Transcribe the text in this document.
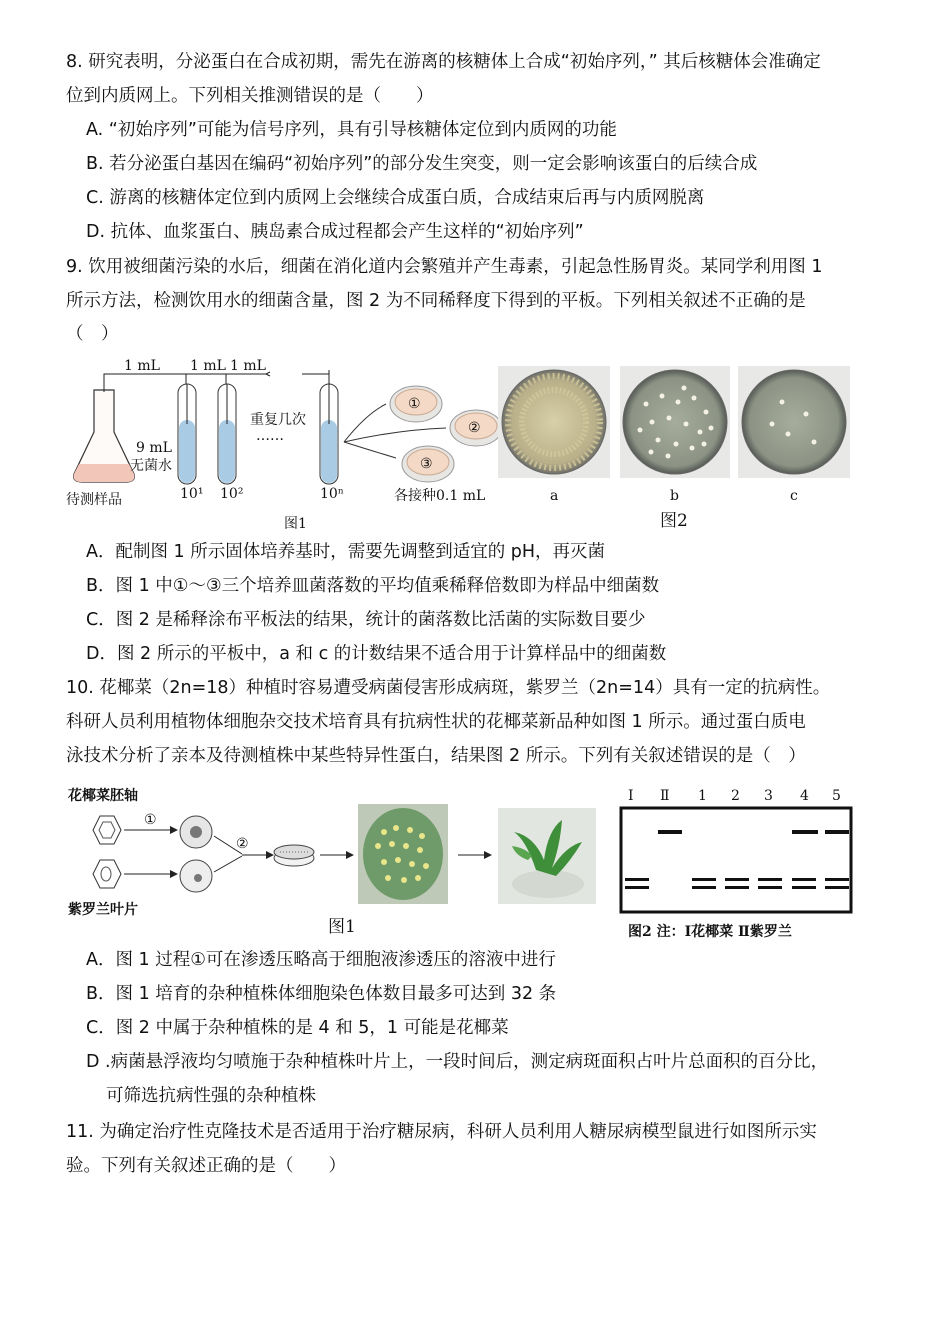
8. 研究表明，分泌蛋白在合成初期，需先在游离的核糖体上合成“初始序列，” 其后核糖体会准确定
位到内质网上。下列相关推测错误的是（　　）
A. “初始序列”可能为信号序列，具有引导核糖体定位到内质网的功能
B. 若分泌蛋白基因在编码“初始序列”的部分发生突变，则一定会影响该蛋白的后续合成
C. 游离的核糖体定位到内质网上会继续合成蛋白质，合成结束后再与内质网脱离
D. 抗体、血浆蛋白、胰岛素合成过程都会产生这样的“初始序列”
9. 饮用被细菌污染的水后，细菌在消化道内会繁殖并产生毒素，引起急性肠胃炎。某同学利用图 1
所示方法，检测饮用水的细菌含量，图 2 为不同稀释度下得到的平板。下列相关叙述不正确的是
（　）
1 mL 1 mL 1 mL
重复几次
……
9 mL
无菌水
待测样品	10¹ 10²	10ⁿ
①
②
③
各接种0.1 mL	a	b	c
图1	图2
A．配制图 1 所示固体培养基时，需要先调整到适宜的 pH，再灭菌
B．图 1 中①～③三个培养皿菌落数的平均值乘稀释倍数即为样品中细菌数
C．图 2 是稀释涂布平板法的结果，统计的菌落数比活菌的实际数目要少
D．图 2 所示的平板中，a 和 c 的计数结果不适合用于计算样品中的细菌数
10. 花椰菜（2n=18）种植时容易遭受病菌侵害形成病斑，紫罗兰（2n=14）具有一定的抗病性。
科研人员利用植物体细胞杂交技术培育具有抗病性状的花椰菜新品种如图 1 所示。通过蛋白质电
泳技术分析了亲本及待测植株中某些特异性蛋白，结果图 2 所示。下列有关叙述错误的是（　）
花椰菜胚轴
紫罗兰叶片
①
②
图1
Ⅰ Ⅱ 1 2 3 4 5
图2 注：Ⅰ花椰菜 Ⅱ紫罗兰
A．图 1 过程①可在渗透压略高于细胞液渗透压的溶液中进行
B．图 1 培育的杂种植株体细胞染色体数目最多可达到 32 条
C．图 2 中属于杂种植株的是 4 和 5，1 可能是花椰菜
D .病菌悬浮液均匀喷施于杂种植株叶片上，一段时间后，测定病斑面积占叶片总面积的百分比，
可筛选抗病性强的杂种植株
11. 为确定治疗性克隆技术是否适用于治疗糖尿病，科研人员利用人糖尿病模型鼠进行如图所示实
验。下列有关叙述正确的是（　　）
